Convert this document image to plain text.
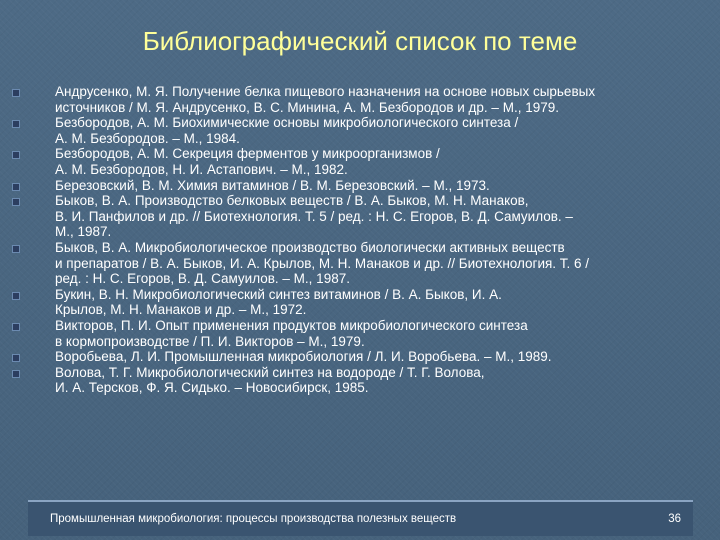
Библиографический список по теме
Андрусенко, М. Я. Получение белка пищевого назначения на основе новых сырьевых
источников / М. Я. Андрусенко, В. С. Минина, А. М. Безбородов и др. – М., 1979.
Безбородов, А. М. Биохимические основы микробиологического синтеза /
А. М. Безбородов. – М., 1984.
Безбородов, А. М. Секреция ферментов у микроорганизмов /
А. М. Безбородов, Н. И. Астапович. – М., 1982.
Березовский, В. М. Химия витаминов / В. М. Березовский. – М., 1973.
Быков, В. А. Производство белковых веществ / В. А. Быков, М. Н. Манаков,
В. И. Панфилов и др. // Биотехнология. Т. 5 / ред. : Н. С. Егоров, В. Д. Самуилов. –
М., 1987.
Быков, В. А. Микробиологическое производство биологически активных веществ
и препаратов / В. А. Быков, И. А. Крылов, М. Н. Манаков и др. // Биотехнология. Т. 6 /
ред. : Н. С. Егоров, В. Д. Самуилов. – М., 1987.
Букин, В. Н. Микробиологический синтез витаминов / В. А. Быков, И. А.
Крылов, М. Н. Манаков и др. – М., 1972.
Викторов, П. И. Опыт применения продуктов микробиологического синтеза
в кормопроизводстве / П. И. Викторов – М., 1979.
Воробьева, Л. И. Промышленная микробиология / Л. И. Воробьева. – М., 1989.
Волова, Т. Г. Микробиологический синтез на водороде / Т. Г. Волова,
И. А. Терсков, Ф. Я. Сидько. – Новосибирск, 1985.
Промышленная микробиология: процессы производства полезных веществ	36
